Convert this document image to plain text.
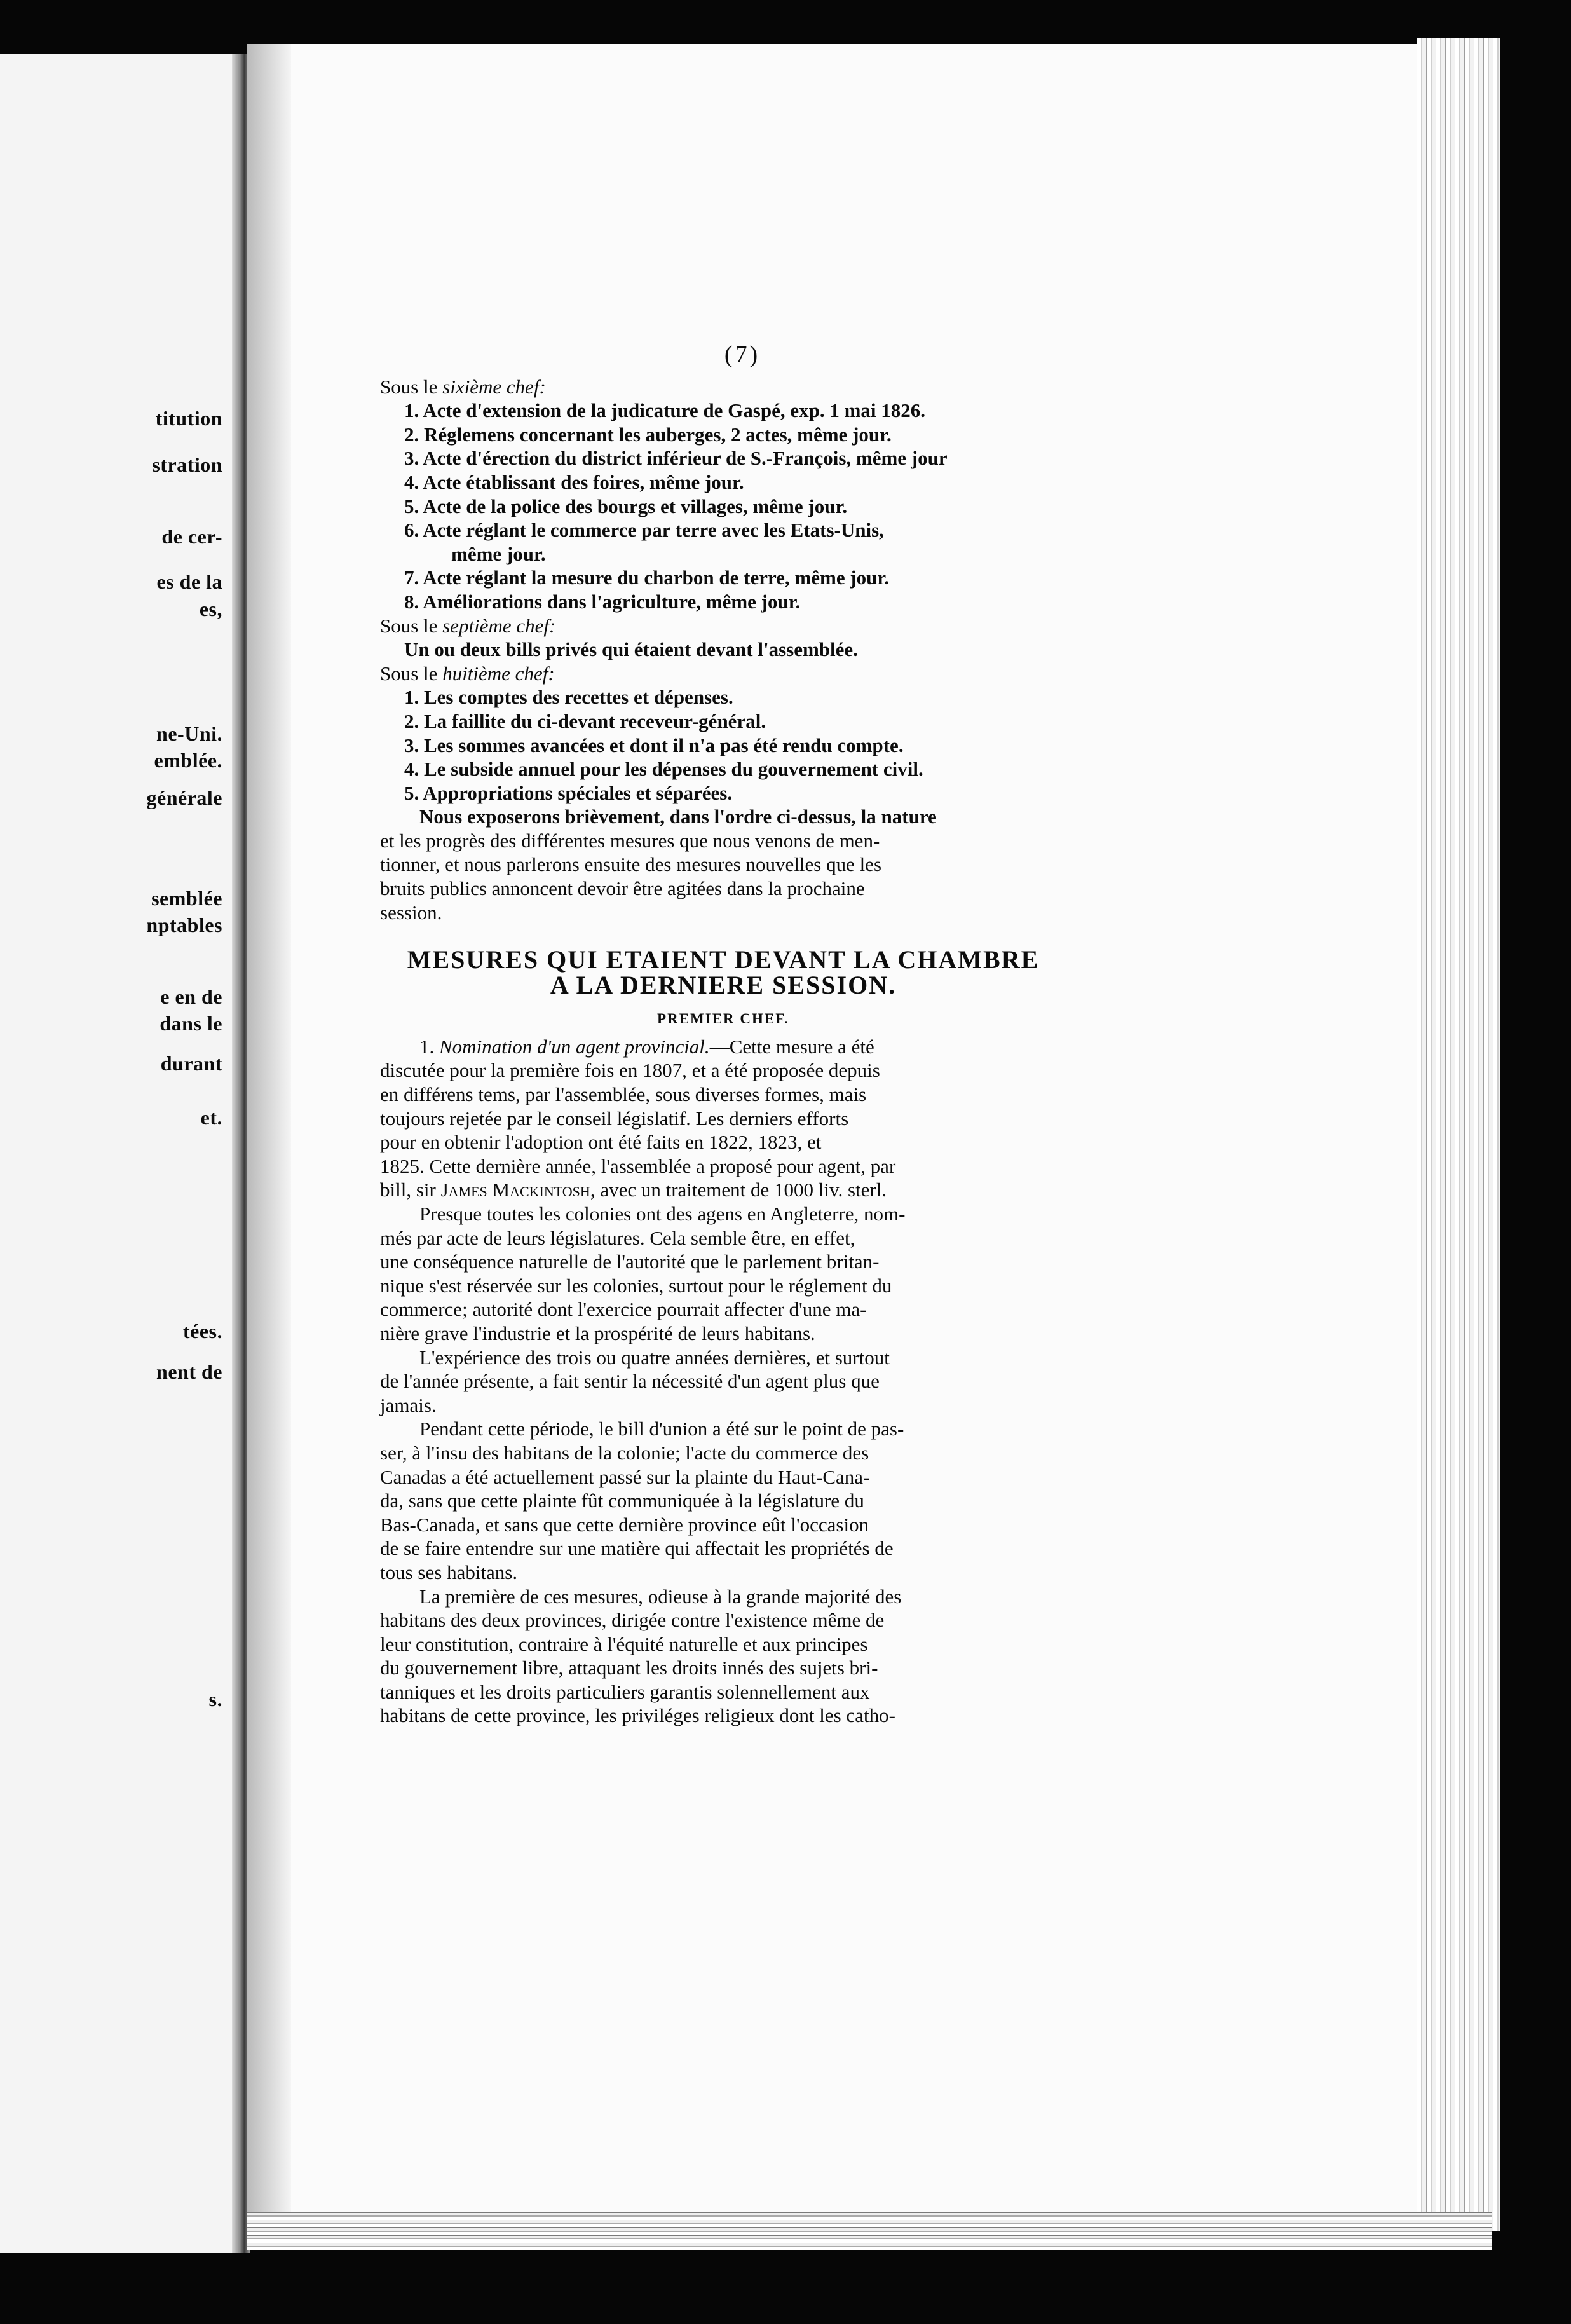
titution
stration
de cer-
es de la
es,
ne-Uni.
emblée.
générale
semblée
nptables
e en de
dans le
durant
et.
tées.
nent de
s.
(7)
Sous le sixième chef:
1. Acte d'extension de la judicature de Gaspé, exp. 1 mai 1826.
2. Réglemens concernant les auberges, 2 actes, même jour.
3. Acte d'érection du district inférieur de S.-François, même jour
4. Acte établissant des foires, même jour.
5. Acte de la police des bourgs et villages, même jour.
6. Acte réglant le commerce par terre avec les Etats-Unis,
même jour.
7. Acte réglant la mesure du charbon de terre, même jour.
8. Améliorations dans l'agriculture, même jour.
Sous le septième chef:
Un ou deux bills privés qui étaient devant l'assemblée.
Sous le huitième chef:
1. Les comptes des recettes et dépenses.
2. La faillite du ci-devant receveur-général.
3. Les sommes avancées et dont il n'a pas été rendu compte.
4. Le subside annuel pour les dépenses du gouvernement civil.
5. Appropriations spéciales et séparées.
Nous exposerons brièvement, dans l'ordre ci-dessus, la nature
et les progrès des différentes mesures que nous venons de men-
tionner, et nous parlerons ensuite des mesures nouvelles que les
bruits publics annoncent devoir être agitées dans la prochaine
session.
MESURES QUI ETAIENT DEVANT LA CHAMBRE
A LA DERNIERE SESSION.
PREMIER CHEF.
1. Nomination d'un agent provincial.—Cette mesure a été
discutée pour la première fois en 1807, et a été proposée depuis
en différens tems, par l'assemblée, sous diverses formes, mais
toujours rejetée par le conseil législatif. Les derniers efforts
pour en obtenir l'adoption ont été faits en 1822, 1823, et
1825. Cette dernière année, l'assemblée a proposé pour agent, par
bill, sir James Mackintosh, avec un traitement de 1000 liv. sterl.
Presque toutes les colonies ont des agens en Angleterre, nom-
més par acte de leurs législatures. Cela semble être, en effet,
une conséquence naturelle de l'autorité que le parlement britan-
nique s'est réservée sur les colonies, surtout pour le réglement du
commerce; autorité dont l'exercice pourrait affecter d'une ma-
nière grave l'industrie et la prospérité de leurs habitans.
L'expérience des trois ou quatre années dernières, et surtout
de l'année présente, a fait sentir la nécessité d'un agent plus que
jamais.
Pendant cette période, le bill d'union a été sur le point de pas-
ser, à l'insu des habitans de la colonie; l'acte du commerce des
Canadas a été actuellement passé sur la plainte du Haut-Cana-
da, sans que cette plainte fût communiquée à la législature du
Bas-Canada, et sans que cette dernière province eût l'occasion
de se faire entendre sur une matière qui affectait les propriétés de
tous ses habitans.
La première de ces mesures, odieuse à la grande majorité des
habitans des deux provinces, dirigée contre l'existence même de
leur constitution, contraire à l'équité naturelle et aux principes
du gouvernement libre, attaquant les droits innés des sujets bri-
tanniques et les droits particuliers garantis solennellement aux
habitans de cette province, les priviléges religieux dont les catho-
